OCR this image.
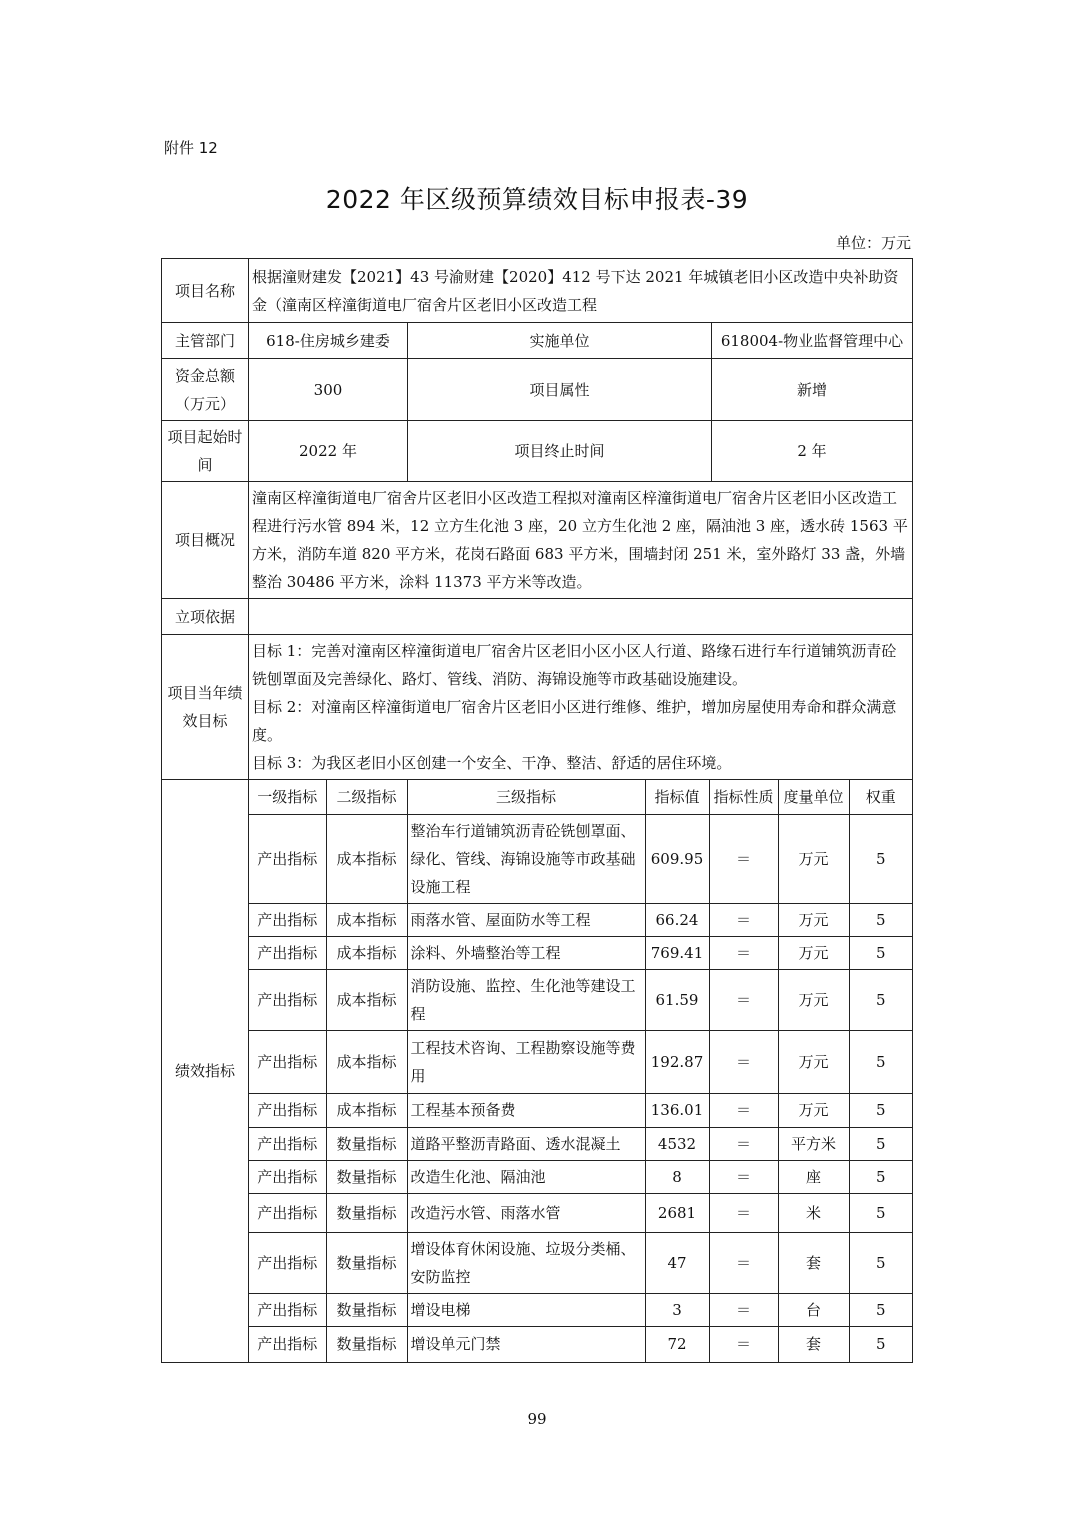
附件 12
2022 年区级预算绩效目标申报表-39
单位：万元
项目名称	根据潼财建发【2021】43 号渝财建【2020】412 号下达 2021 年城镇老旧小区改造中央补助资金（潼南区梓潼街道电厂宿舍片区老旧小区改造工程
主管部门	618-住房城乡建委	实施单位	618004-物业监督管理中心
资金总额（万元）	300	项目属性	新增
项目起始时间	2022 年	项目终止时间	2 年
项目概况	潼南区梓潼街道电厂宿舍片区老旧小区改造工程拟对潼南区梓潼街道电厂宿舍片区老旧小区改造工程进行污水管 894 米，12 立方生化池 3 座，20 立方生化池 2 座，隔油池 3 座，透水砖 1563 平方米，消防车道 820 平方米，花岗石路面 683 平方米，围墙封闭 251 米，室外路灯 33 盏，外墙整治 30486 平方米，涂料 11373 平方米等改造。
立项依据	
项目当年绩效目标	
目标 1：完善对潼南区梓潼街道电厂宿舍片区老旧小区小区人行道、路缘石进行车行道铺筑沥青砼铣刨罩面及完善绿化、路灯、管线、消防、海锦设施等市政基础设施建设。
目标 2：对潼南区梓潼街道电厂宿舍片区老旧小区进行维修、维护，增加房屋使用寿命和群众满意度。
目标 3：为我区老旧小区创建一个安全、干净、整洁、舒适的居住环境。

绩效指标	
一级指标	二级指标	三级指标	指标值	指标性质	度量单位	权重
产出指标	成本指标	整治车行道铺筑沥青砼铣刨罩面、绿化、管线、海锦设施等市政基础设施工程	609.95	＝	万元	5
产出指标	成本指标	雨落水管、屋面防水等工程	66.24	＝	万元	5
产出指标	成本指标	涂料、外墙整治等工程	769.41	＝	万元	5
产出指标	成本指标	消防设施、监控、生化池等建设工程	61.59	＝	万元	5
产出指标	成本指标	工程技术咨询、工程勘察设施等费用	192.87	＝	万元	5
产出指标	成本指标	工程基本预备费	136.01	＝	万元	5
产出指标	数量指标	道路平整沥青路面、透水混凝土	4532	＝	平方米	5
产出指标	数量指标	改造生化池、隔油池	8	＝	座	5
产出指标	数量指标	改造污水管、雨落水管	2681	＝	米	5
产出指标	数量指标	增设体育休闲设施、垃圾分类桶、安防监控	47	＝	套	5
产出指标	数量指标	增设电梯	3	＝	台	5
产出指标	数量指标	增设单元门禁	72	＝	套	5
99
